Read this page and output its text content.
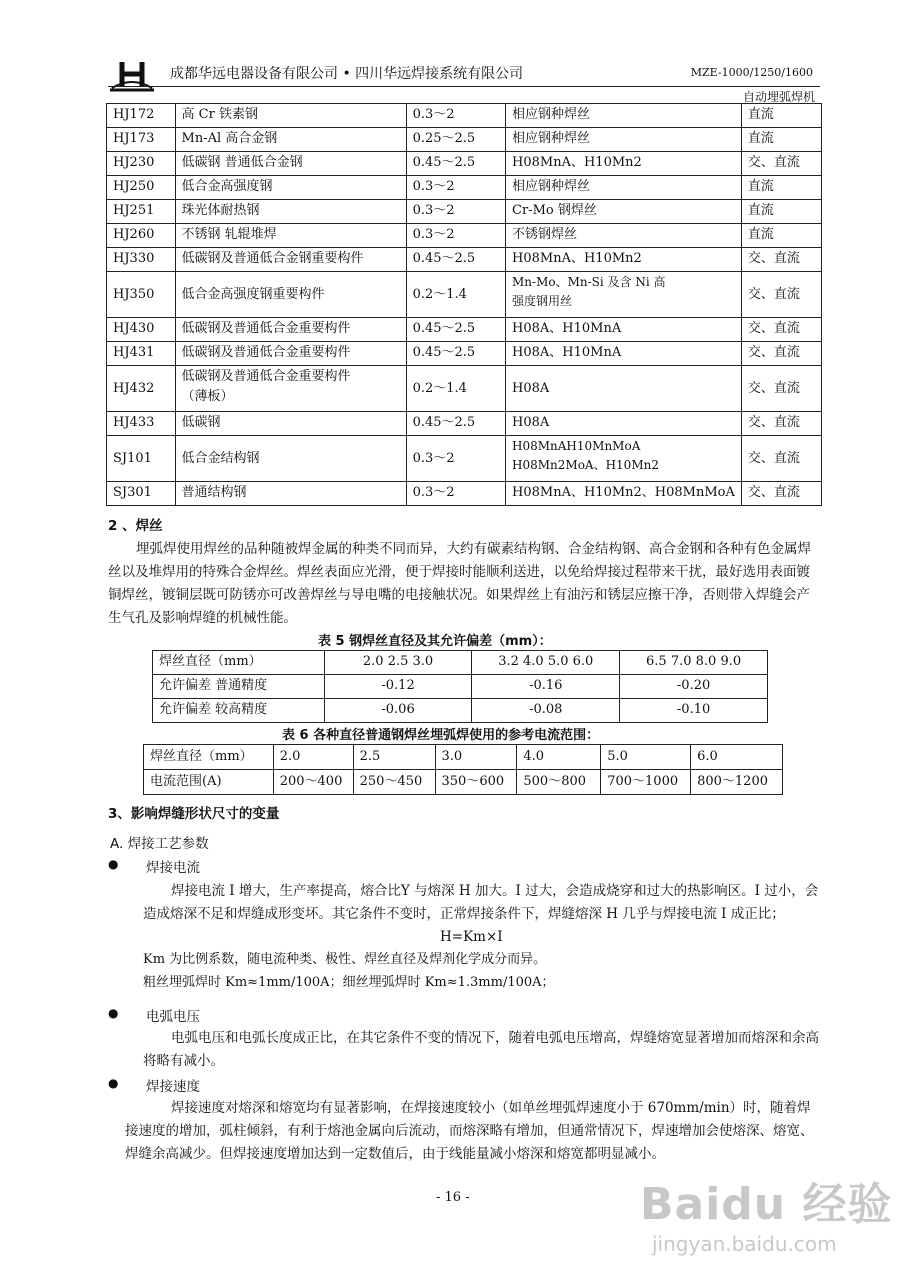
成都华远电器设备有限公司 • 四川华远焊接系统有限公司	MZE-1000/1250/1600
自动埋弧焊机
HJ172	高 Cr 铁素钢	0.3～2	相应钢种焊丝	直流

HJ173	Mn-Al 高合金钢	0.25～2.5	相应钢种焊丝	直流

HJ230	低碳钢 普通低合金钢	0.45～2.5	H08MnA、H10Mn2	交、直流

HJ250	低合金高强度钢	0.3～2	相应钢种焊丝	直流

HJ251	珠光体耐热钢	0.3～2	Cr-Mo 钢焊丝	直流

HJ260	不锈钢 轧辊堆焊	0.3～2	不锈钢焊丝	直流

HJ330	低碳钢及普通低合金钢重要构件	0.45～2.5	H08MnA、H10Mn2	交、直流

HJ350	低合金高强度钢重要构件	0.2～1.4	Mn-Mo、Mn-Si 及含 Ni 高
强度钢用丝	交、直流

HJ430	低碳钢及普通低合金重要构件	0.45～2.5	H08A、H10MnA	交、直流

HJ431	低碳钢及普通低合金重要构件	0.45～2.5	H08A、H10MnA	交、直流

HJ432	低碳钢及普通低合金重要构件
（薄板）	0.2～1.4	H08A	交、直流

HJ433	低碳钢	0.45～2.5	H08A	交、直流

SJ101	低合金结构钢	0.3～2	H08MnAH10MnMoA
H08Mn2MoA、H10Mn2	交、直流

SJ301	普通结构钢	0.3～2	H08MnA、H10Mn2、H08MnMoA	交、直流
2 、焊丝
埋弧焊使用焊丝的品种随被焊金属的种类不同而异，大约有碳素结构钢、合金结构钢、高合金钢和各种有色金属焊丝以及堆焊用的特殊合金焊丝。焊丝表面应光滑，便于焊接时能顺利送进，以免给焊接过程带来干扰，最好选用表面镀铜焊丝，镀铜层既可防锈亦可改善焊丝与导电嘴的电接触状况。如果焊丝上有油污和锈层应擦干净，否则带入焊缝会产生气孔及影响焊缝的机械性能。
表 5 钢焊丝直径及其允许偏差（mm）：
焊丝直径（mm）	2.0 2.5 3.0	3.2 4.0 5.0 6.0	6.5 7.0 8.0 9.0

允许偏差 普通精度	-0.12	-0.16	-0.20

允许偏差 较高精度	-0.06	-0.08	-0.10
表 6 各种直径普通钢焊丝埋弧焊使用的参考电流范围：
焊丝直径（mm）	2.0	2.5	3.0	4.0	5.0	6.0

电流范围(A)	200～400	250～450	350～600	500～800	700～1000	800～1200
3、影响焊缝形状尺寸的变量
A. 焊接工艺参数
● 焊接电流
焊接电流 I 增大，生产率提高，熔合比Y 与熔深 H 加大。I 过大，会造成烧穿和过大的热影响区。I 过小，会造成熔深不足和焊缝成形变坏。其它条件不变时，正常焊接条件下，焊缝熔深 H 几乎与焊接电流 I 成正比；
H=Km×I
Km 为比例系数，随电流种类、极性、焊丝直径及焊剂化学成分而异。
粗丝埋弧焊时 Km≈1mm/100A；细丝埋弧焊时 Km≈1.3mm/100A；
● 电弧电压
电弧电压和电弧长度成正比，在其它条件不变的情况下，随着电弧电压增高，焊缝熔宽显著增加而熔深和余高将略有减小。
● 焊接速度
焊接速度对熔深和熔宽均有显著影响，在焊接速度较小（如单丝埋弧焊速度小于 670mm/min）时，随着焊接速度的增加，弧柱倾斜，有利于熔池金属向后流动，而熔深略有增加，但通常情况下，焊速增加会使熔深、熔宽、焊缝余高减少。但焊接速度增加达到一定数值后，由于线能量减小熔深和熔宽都明显减小。
- 16 -	Baidu 经验
jingyan.baidu.com
